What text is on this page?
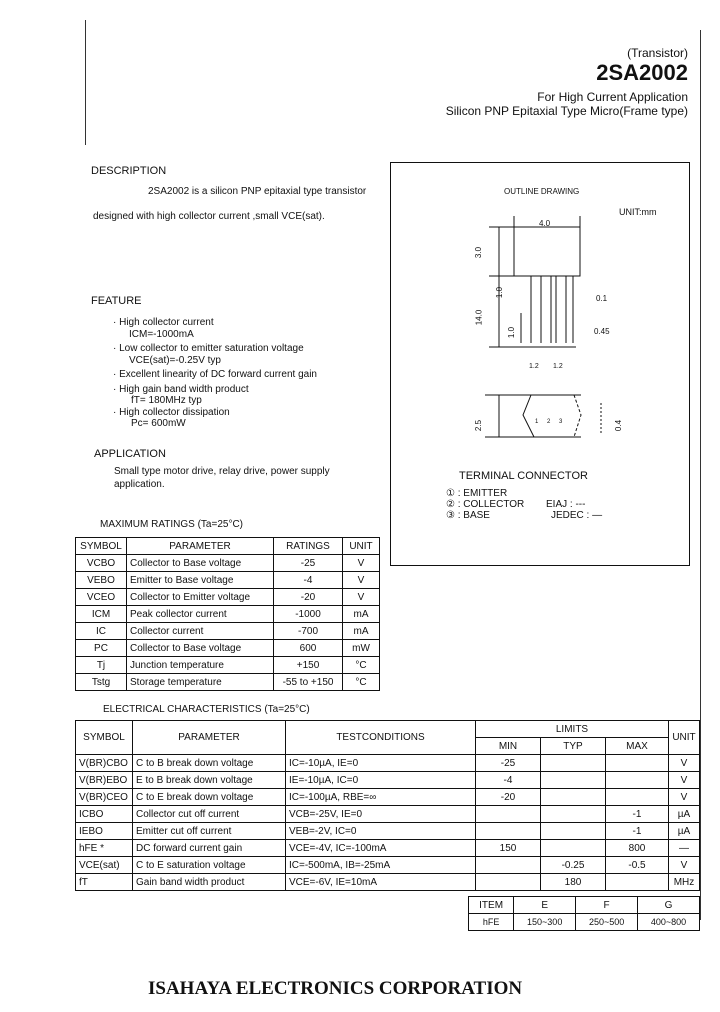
(Transistor)
2SA2002
For High Current Application
Silicon PNP Epitaxial Type Micro(Frame type)
DESCRIPTION
2SA2002 is a silicon PNP epitaxial type transistor
designed with high collector current ,small VCE(sat).
FEATURE
· High collector current
ICM=-1000mA
· Low collector to emitter saturation voltage
VCE(sat)=-0.25V typ
· Excellent linearity of DC forward current gain
· High gain band width product
fT= 180MHz typ
· High collector dissipation
Pc= 600mW
APPLICATION
Small type motor drive, relay drive, power supply
application.
OUTLINE DRAWING
UNIT:mm
4.0
3.0
1.0
14.0
1.0
0.1
0.45
1.2 1.2
2.5	0.4
1 2 3
TERMINAL CONNECTOR
① : EMITTER
② : COLLECTOR
③ : BASE
EIAJ : ---
JEDEC : —
MAXIMUM RATINGS (Ta=25°C)
SYMBOL	PARAMETER	RATINGS	UNIT
VCBO	Collector to Base voltage	-25	V
VEBO	Emitter to Base voltage	-4	V
VCEO	Collector to Emitter voltage	-20	V
ICM	Peak collector current	-1000	mA
IC	Collector current	-700	mA
PC	Collector to Base voltage	600	mW
Tj	Junction temperature	+150	°C
Tstg	Storage temperature	-55 to +150	°C
ELECTRICAL CHARACTERISTICS (Ta=25°C)
SYMBOL	PARAMETER	TESTCONDITIONS	LIMITS			UNIT
			MIN	TYP	MAX	
V(BR)CBO	C to B break down voltage	IC=-10µA, IE=0	-25			V
V(BR)EBO	E to B break down voltage	IE=-10µA, IC=0	-4			V
V(BR)CEO	C to E break down voltage	IC=-100µA, RBE=∞	-20			V
ICBO	Collector cut off current	VCB=-25V, IE=0			-1	µA
IEBO	Emitter cut off current	VEB=-2V, IC=0			-1	µA
hFE *	DC forward current gain	VCE=-4V, IC=-100mA	150		800	—
VCE(sat)	C to E saturation voltage	IC=-500mA, IB=-25mA		-0.25	-0.5	V
fT	Gain band width product	VCE=-6V, IE=10mA		180		MHz
ITEM	E	F	G
hFE	150~300	250~500	400~800
ISAHAYA ELECTRONICS CORPORATION
